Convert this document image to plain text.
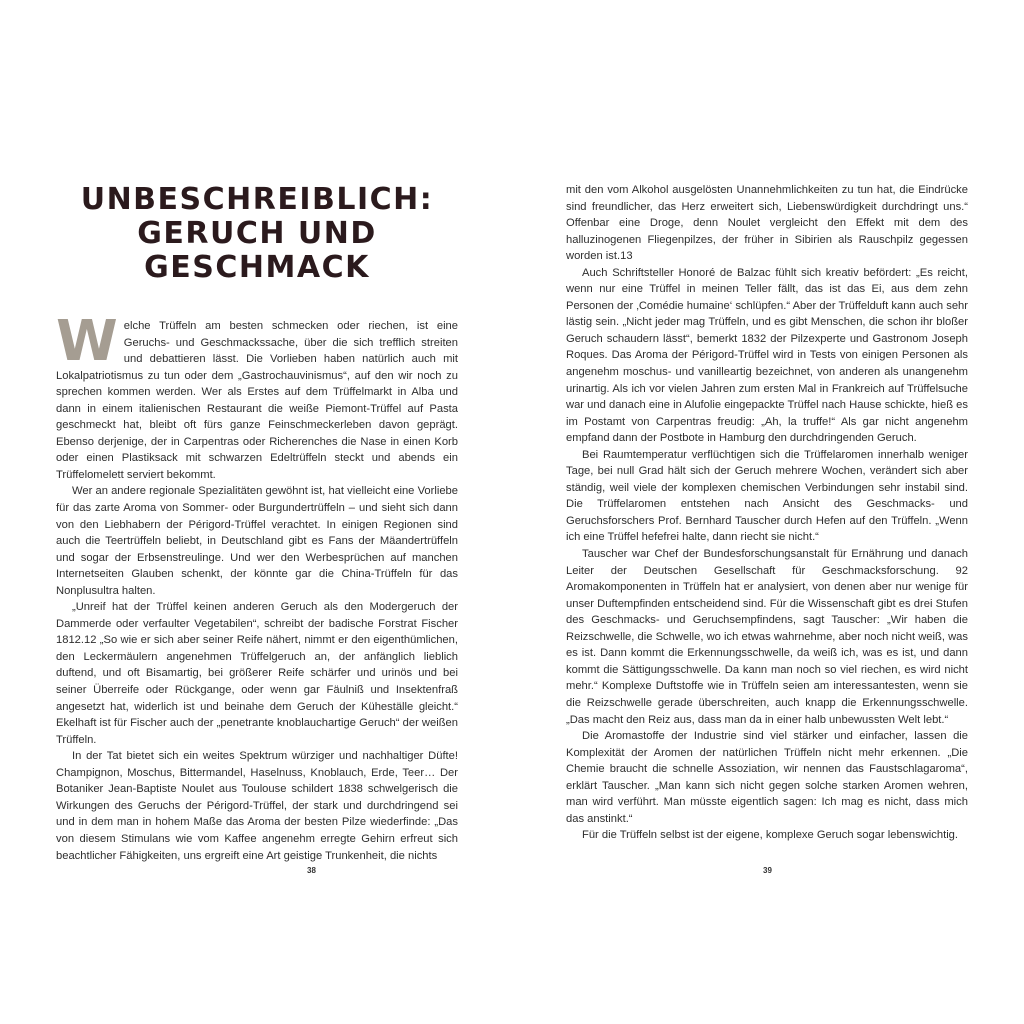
UNBESCHREIBLICH:
GERUCH UND
GESCHMACK

Welche Trüffeln am besten schmecken oder riechen, ist eine Geruchs- und Geschmackssache, über die sich trefflich streiten und debattieren lässt. Die Vorlieben haben natürlich auch mit Lokalpatriotismus zu tun oder dem „Gastrochauvinismus“, auf den wir noch zu sprechen kommen werden. Wer als Erstes auf dem Trüffelmarkt in Alba und dann in einem italienischen Restaurant die weiße Piemont-Trüffel auf Pasta geschmeckt hat, bleibt oft fürs ganze Feinschmeckerleben davon geprägt. Ebenso derjenige, der in Carpentras oder Richerenches die Nase in einen Korb oder einen Plastiksack mit schwarzen Edeltrüffeln steckt und abends ein Trüffelomelett serviert bekommt.

Wer an andere regionale Spezialitäten gewöhnt ist, hat vielleicht eine Vorliebe für das zarte Aroma von Sommer- oder Burgundertrüffeln – und sieht sich dann von den Liebhabern der Périgord-Trüffel verachtet. In einigen Regionen sind auch die Teertrüffeln beliebt, in Deutschland gibt es Fans der Mäandertrüffeln und sogar der Erbsenstreulinge. Und wer den Werbesprüchen auf manchen Internetseiten Glauben schenkt, der könnte gar die China-Trüffeln für das Nonplusultra halten.

„Unreif hat der Trüffel keinen anderen Geruch als den Modergeruch der Dammerde oder verfaulter Vegetabilen“, schreibt der badische Forstrat Fischer 1812.12 „So wie er sich aber seiner Reife nähert, nimmt er den eigenthümlichen, den Leckermäulern angenehmen Trüffelgeruch an, der anfänglich lieblich duftend, und oft Bisamartig, bei größerer Reife schärfer und urinös und bei seiner Überreife oder Rückgange, oder wenn gar Fäulniß und Insektenfraß angesetzt hat, widerlich ist und beinahe dem Geruch der Küheställe gleicht.“ Ekelhaft ist für Fischer auch der „penetrante knoblauchartige Geruch“ der weißen Trüffeln.

In der Tat bietet sich ein weites Spektrum würziger und nachhaltiger Düfte! Champignon, Moschus, Bittermandel, Haselnuss, Knoblauch, Erde, Teer… Der Botaniker Jean-Baptiste Noulet aus Toulouse schildert 1838 schwelgerisch die Wirkungen des Geruchs der Périgord-Trüffel, der stark und durchdringend sei und in dem man in hohem Maße das Aroma der besten Pilze wiederfinde: „Das von diesem Stimulans wie vom Kaffee angenehm erregte Gehirn erfreut sich beachtlicher Fähigkeiten, uns ergreift eine Art geistige Trunkenheit, die nichts

38

mit den vom Alkohol ausgelösten Unannehmlichkeiten zu tun hat, die Eindrücke sind freundlicher, das Herz erweitert sich, Liebenswürdigkeit durchdringt uns.“ Offenbar eine Droge, denn Noulet vergleicht den Effekt mit dem des halluzinogenen Fliegenpilzes, der früher in Sibirien als Rauschpilz gegessen worden ist.13

Auch Schriftsteller Honoré de Balzac fühlt sich kreativ befördert: „Es reicht, wenn nur eine Trüffel in meinen Teller fällt, das ist das Ei, aus dem zehn Personen der ‚Comédie humaine‘ schlüpfen.“ Aber der Trüffelduft kann auch sehr lästig sein. „Nicht jeder mag Trüffeln, und es gibt Menschen, die schon ihr bloßer Geruch schaudern lässt“, bemerkt 1832 der Pilzexperte und Gastronom Joseph Roques. Das Aroma der Périgord-Trüffel wird in Tests von einigen Personen als angenehm moschus- und vanilleartig bezeichnet, von anderen als unangenehm urinartig. Als ich vor vielen Jahren zum ersten Mal in Frankreich auf Trüffelsuche war und danach eine in Alufolie eingepackte Trüffel nach Hause schickte, hieß es im Postamt von Carpentras freudig: „Ah, la truffe!“ Als gar nicht angenehm empfand dann der Postbote in Hamburg den durchdringenden Geruch.

Bei Raumtemperatur verflüchtigen sich die Trüffelaromen innerhalb weniger Tage, bei null Grad hält sich der Geruch mehrere Wochen, verändert sich aber ständig, weil viele der komplexen chemischen Verbindungen sehr instabil sind. Die Trüffelaromen entstehen nach Ansicht des Geschmacks- und Geruchsforschers Prof. Bernhard Tauscher durch Hefen auf den Trüffeln. „Wenn ich eine Trüffel hefefrei halte, dann riecht sie nicht.“

Tauscher war Chef der Bundesforschungsanstalt für Ernährung und danach Leiter der Deutschen Gesellschaft für Geschmacksforschung. 92 Aromakomponenten in Trüffeln hat er analysiert, von denen aber nur wenige für unser Duftempfinden entscheidend sind. Für die Wissenschaft gibt es drei Stufen des Geschmacks- und Geruchsempfindens, sagt Tauscher: „Wir haben die Reizschwelle, die Schwelle, wo ich etwas wahrnehme, aber noch nicht weiß, was es ist. Dann kommt die Erkennungsschwelle, da weiß ich, was es ist, und dann kommt die Sättigungsschwelle. Da kann man noch so viel riechen, es wird nicht mehr.“ Komplexe Duftstoffe wie in Trüffeln seien am interessantesten, wenn sie die Reizschwelle gerade überschreiten, auch knapp die Erkennungsschwelle. „Das macht den Reiz aus, dass man da in einer halb unbewussten Welt lebt.“

Die Aromastoffe der Industrie sind viel stärker und einfacher, lassen die Komplexität der Aromen der natürlichen Trüffeln nicht mehr erkennen. „Die Chemie braucht die schnelle Assoziation, wir nennen das Faustschlagaroma“, erklärt Tauscher. „Man kann sich nicht gegen solche starken Aromen wehren, man wird verführt. Man müsste eigentlich sagen: Ich mag es nicht, dass mich das anstinkt.“

Für die Trüffeln selbst ist der eigene, komplexe Geruch sogar lebenswichtig.

39
